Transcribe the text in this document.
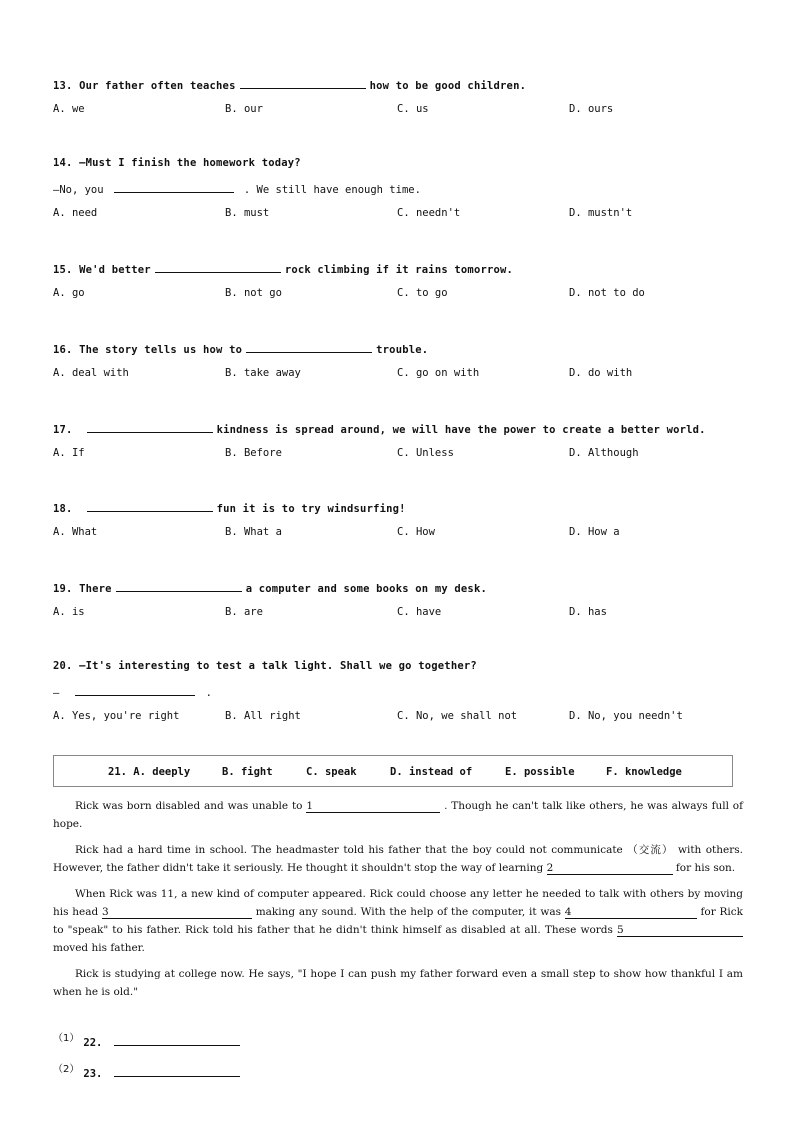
13. Our father often teaches	how to be good children.
A. we	B. our	C. us	D. ours
14. —Must I finish the homework today?
—No, you	. We still have enough time.
A. need	B. must	C. needn't	D. mustn't
15. We'd better	rock climbing if it rains tomorrow.
A. go	B. not go	C. to go	D. not to do
16. The story tells us how to	trouble.
A. deal with	B. take away	C. go on with	D. do with
17.	kindness is spread around, we will have the power to create a better world.
A. If	B. Before	C. Unless	D. Although
18.	fun it is to try windsurfing!
A. What	B. What a	C. How	D. How a
19. There	a computer and some books on my desk.
A. is	B. are	C. have	D. has
20. —It's interesting to test a talk light. Shall we go together?
—	.
A. Yes, you're right	B. All right	C. No, we shall not	D. No, you needn't
21. A. deeply	B. fight	C. speak	D. instead of	E. possible	F. knowledge

Rick was born disabled and was unable to 1	. Though he can't talk like others, he was always full of hope.

Rick had a hard time in school. The headmaster told his father that the boy could not communicate （交流） with others. However, the father didn't take it seriously. He thought it shouldn't stop the way of learning 2	for his son.

When Rick was 11, a new kind of computer appeared. Rick could choose any letter he needed to talk with others by moving his head 3	making any sound. With the help of the computer, it was 4	for Rick to "speak" to his father. Rick told his father that he didn't think himself as disabled at all. These words 5 moved his father.

Rick is studying at college now. He says, "I hope I can push my father forward even a small step to show how thankful I am when he is old."

（1） 22.
（2） 23.
